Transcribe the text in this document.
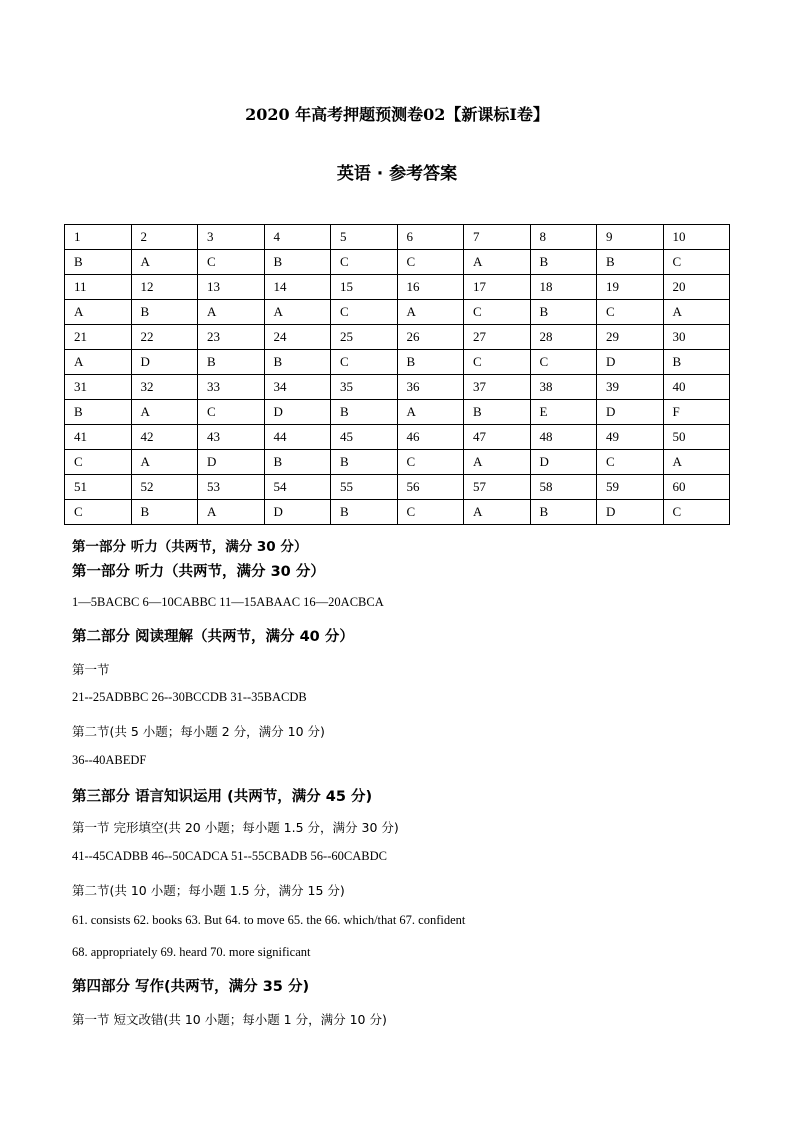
2020 年高考押题预测卷02【新课标Ⅰ卷】
英语 · 参考答案
1	2	3	4	5	6	7	8	9	10
B	A	C	B	C	C	A	B	B	C
11	12	13	14	15	16	17	18	19	20
A	B	A	A	C	A	C	B	C	A
21	22	23	24	25	26	27	28	29	30
A	D	B	B	C	B	C	C	D	B
31	32	33	34	35	36	37	38	39	40
B	A	C	D	B	A	B	E	D	F
41	42	43	44	45	46	47	48	49	50
C	A	D	B	B	C	A	D	C	A
51	52	53	54	55	56	57	58	59	60
C	B	A	D	B	C	A	B	D	C
第一部分 听力（共两节，满分 30 分）
第一部分 听力（共两节，满分 30 分）
1—5BACBC 6—10CABBC 11—15ABAAC 16—20ACBCA
第二部分 阅读理解（共两节，满分 40 分）
第一节
21--25ADBBC 26--30BCCDB 31--35BACDB
第二节(共 5 小题；每小题 2 分，满分 10 分)
36--40ABEDF
第三部分 语言知识运用 (共两节，满分 45 分)
第一节 完形填空(共 20 小题；每小题 1.5 分，满分 30 分)
41--45CADBB 46--50CADCA 51--55CBADB 56--60CABDC
第二节(共 10 小题；每小题 1.5 分，满分 15 分)
61. consists 62. books 63. But 64. to move 65. the 66. which/that 67. confident
68. appropriately 69. heard 70. more significant
第四部分 写作(共两节，满分 35 分)
第一节 短文改错(共 10 小题；每小题 1 分，满分 10 分)
